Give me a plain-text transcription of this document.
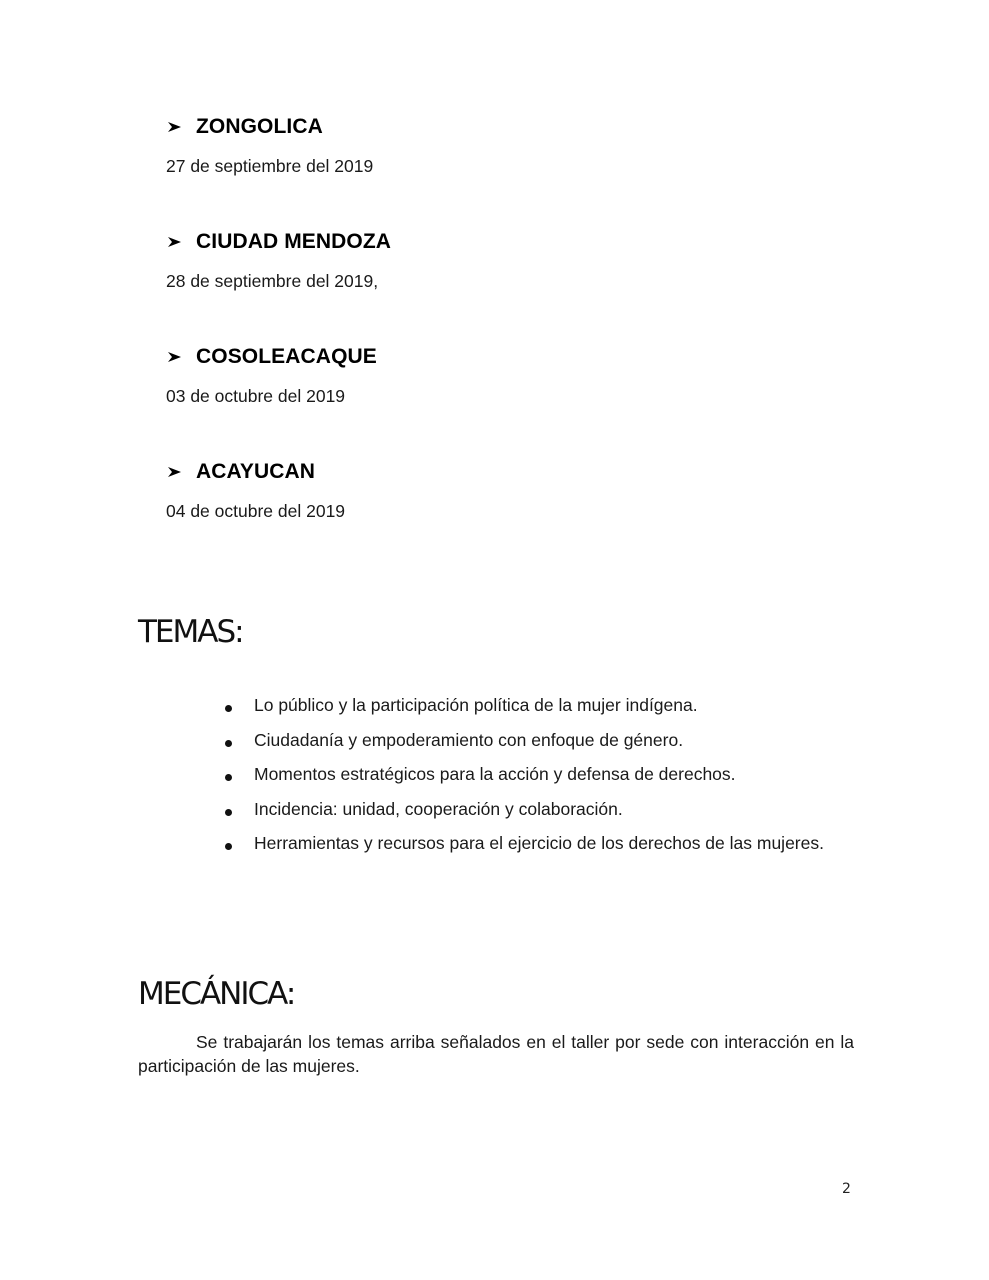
ZONGOLICA
27 de septiembre del 2019
CIUDAD MENDOZA
28 de septiembre del 2019,
COSOLEACAQUE
03 de octubre del 2019
ACAYUCAN
04 de octubre del 2019
TEMAS:
Lo público y la participación política de la mujer indígena.
Ciudadanía y empoderamiento con enfoque de género.
Momentos estratégicos para la acción y defensa de derechos.
Incidencia: unidad, cooperación y colaboración.
Herramientas y recursos para el ejercicio de los derechos de las mujeres.
MECÁNICA:

Se trabajarán los temas arriba señalados en el taller por sede con interacción en la participación de las mujeres.

2
